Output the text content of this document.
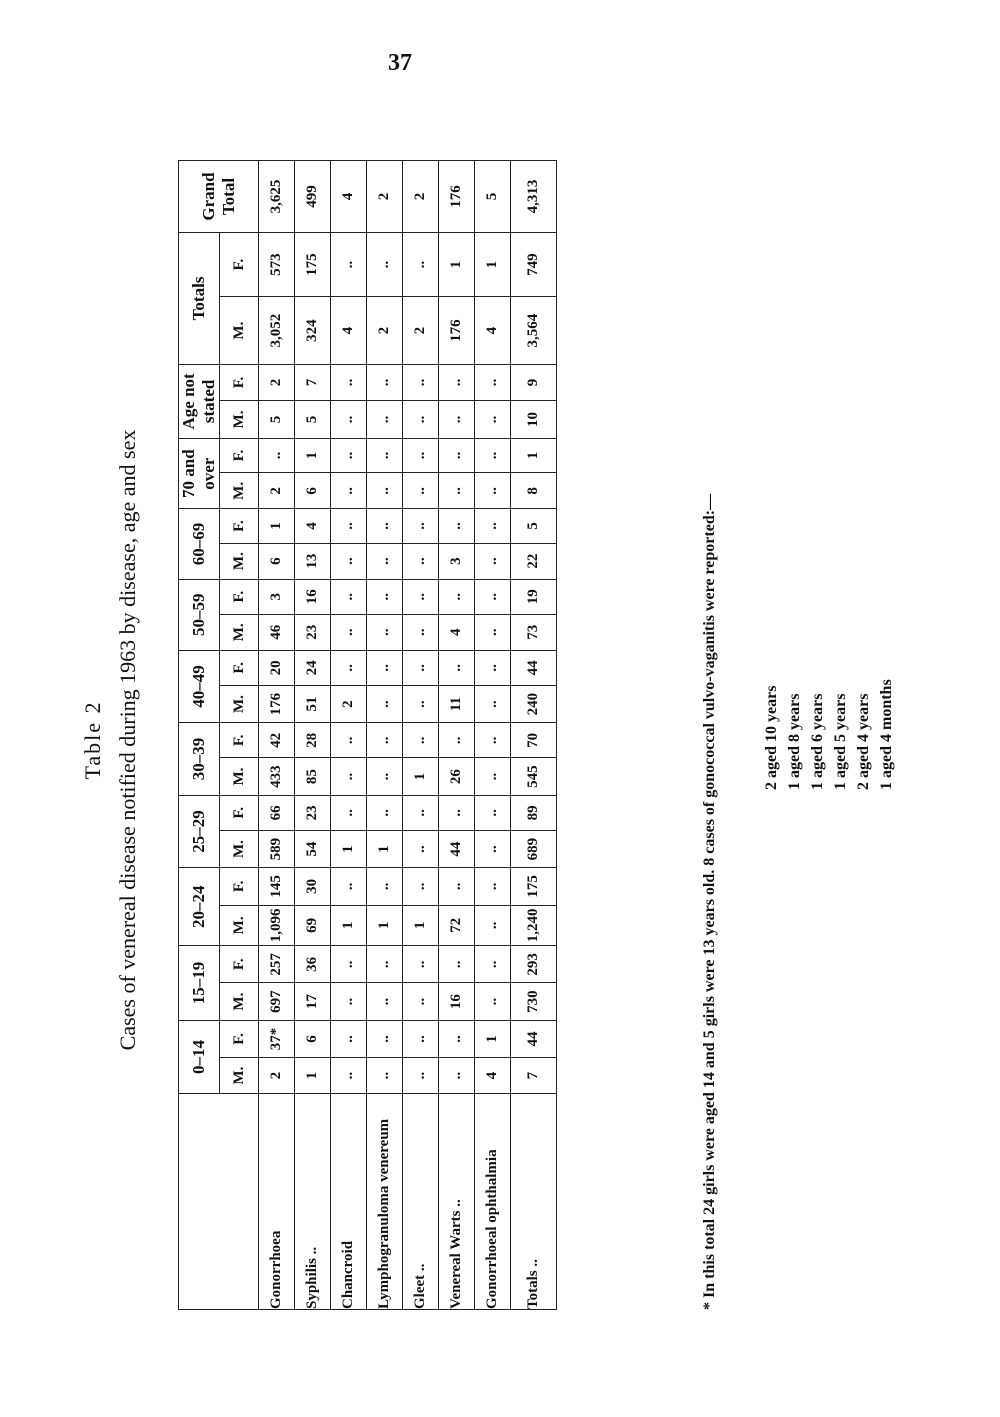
37
Table 2 Cases of venereal disease notified during 1963 by disease, age and sex
	0–14		15–19		20–24		25–29		30–39		40–49		50–59		60–69		70 and over		Age not stated		Totals		Grand Total
	M.	F.	M.	F.	M.	F.	M.	F.	M.	F.	M.	F.	M.	F.	M.	F.	M.	F.	M.	F.	M.	F.	
Gonorrhoea	2	37*	697	257	1,096	145	589	66	433	42	176	20	46	3	6	1	2	..	5	2	3,052	573	3,625
Syphilis ..	1	6	17	36	69	30	54	23	85	28	51	24	23	16	13	4	6	1	5	7	324	175	499
Chancroid	..	..	..	..	1	..	1	..	..	..	2	..	..	..	..	..	..	..	..	..	4	..	4
Lymphogranuloma venereum	..	..	..	..	1	..	1	..	..	..	..	..	..	..	..	..	..	..	..	..	2	..	2
Gleet ..	..	..	..	..	1	..	..	..	1	..	..	..	..	..	..	..	..	..	..	..	2	..	2
Venereal Warts ..	..	..	16	..	72	..	44	..	26	..	11	..	4	..	3	..	..	..	..	..	176	1	176
Gonorrhoeal ophthalmia	4	1	..	..	..	..	..	..	..	..	..	..	..	..	..	..	..	..	..	..	4	1	5
Totals ..	7	44	730	293	1,240	175	689	89	545	70	240	44	73	19	22	5	8	1	10	9	3,564	749	4,313
* In this total 24 girls were aged 14 and 5 girls were 13 years old. 8 cases of gonococcal vulvo-vaganitis were reported:—	2 aged 10 years 1 aged 8 years 1 aged 6 years 1 aged 5 years 2 aged 4 years 1 aged 4 months
